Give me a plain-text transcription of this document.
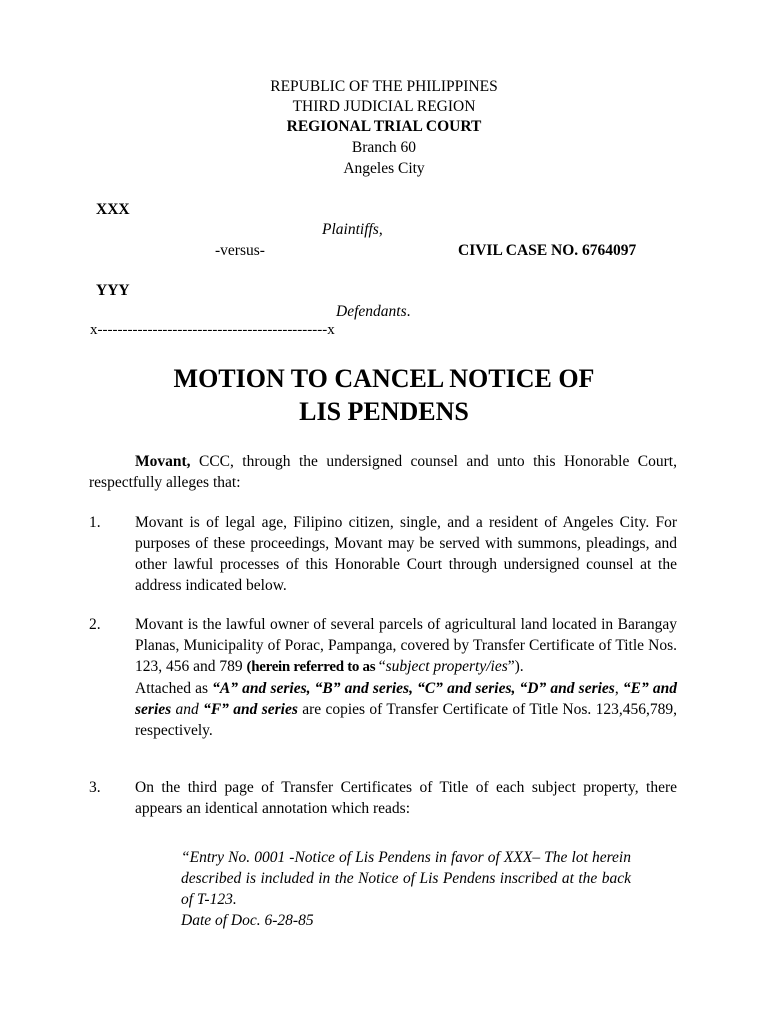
REPUBLIC OF THE PHILIPPINES
THIRD JUDICIAL REGION
REGIONAL TRIAL COURT
Branch 60
Angeles City
XXX
Plaintiffs,
-versus-	CIVIL CASE NO. 6764097
YYY
Defendants.
x----------------------------------------------x
MOTION TO CANCEL NOTICE OF
LIS PENDENS
Movant, CCC, through the undersigned counsel and unto this Honorable Court, respectfully alleges that:
1. Movant is of legal age, Filipino citizen, single, and a resident of Angeles City. For purposes of these proceedings, Movant may be served with summons, pleadings, and other lawful processes of this Honorable Court through undersigned counsel at the address indicated below.
2. Movant is the lawful owner of several parcels of agricultural land located in Barangay Planas, Municipality of Porac, Pampanga, covered by Transfer Certificate of Title Nos. 123, 456 and 789 (herein referred to as “subject property/ies”).
Attached as “A” and series, “B” and series, “C” and series, “D” and series, “E” and series and “F” and series are copies of Transfer Certificate of Title Nos. 123,456,789, respectively.
3. On the third page of Transfer Certificates of Title of each subject property, there appears an identical annotation which reads:
“Entry No. 0001 -Notice of Lis Pendens in favor of XXX– The lot herein described is included in the Notice of Lis Pendens inscribed at the back of T-123.
Date of Doc. 6-28-85
